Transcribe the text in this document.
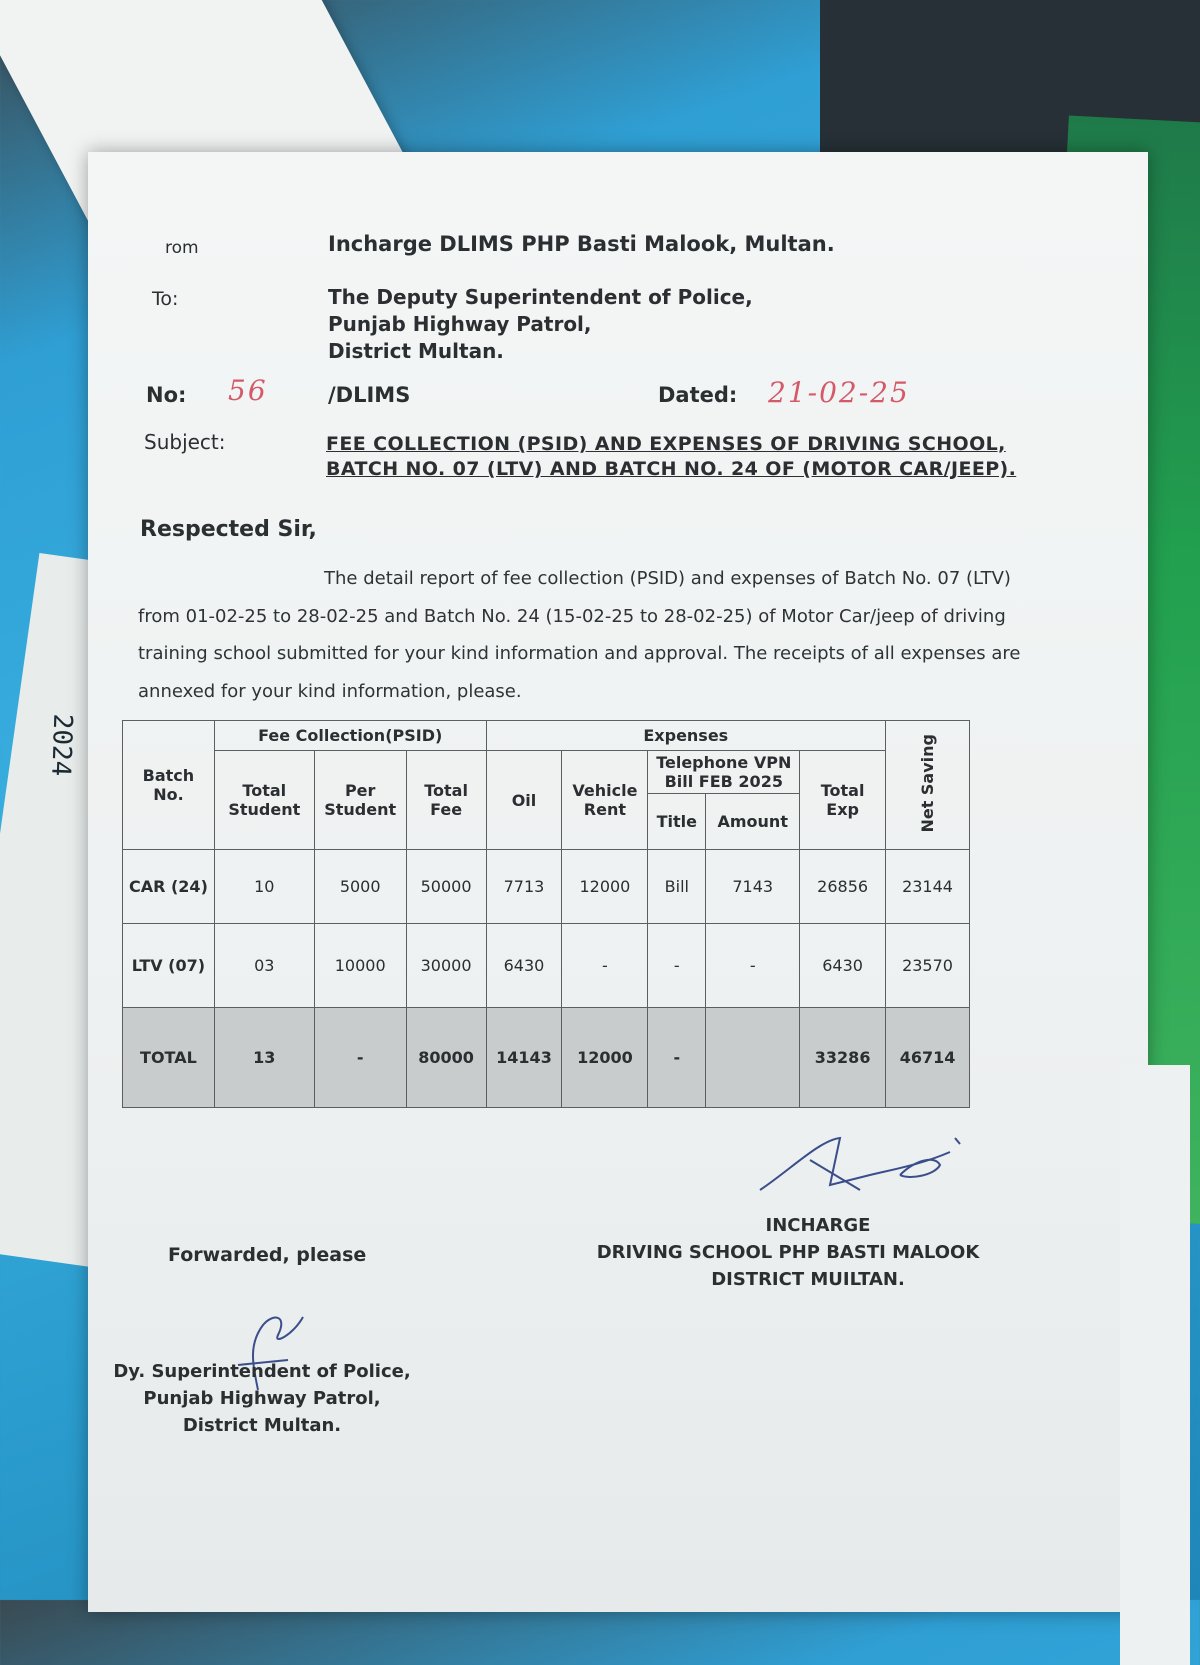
2024
rom	Incharge DLIMS PHP Basti Malook, Multan.
To:	The Deputy Superintendent of Police,
Punjab Highway Patrol,
District Multan.
No: 56	/DLIMS	Dated: 21-02-25
Subject:	FEE COLLECTION (PSID) AND EXPENSES OF DRIVING SCHOOL,
BATCH NO. 07 (LTV) AND BATCH NO. 24 OF (MOTOR CAR/JEEP).
Respected Sir,
The detail report of fee collection (PSID) and expenses of Batch No. 07 (LTV)
from 01-02-25 to 28-02-25 and Batch No. 24 (15-02-25 to 28-02-25) of Motor Car/jeep of driving
training school submitted for your kind information and approval. The receipts of all expenses are
annexed for your kind information, please.
Batch No.	Fee Collection(PSID)			Expenses					Net Saving
	Total Student	Per Student	Total Fee	Oil	Vehicle Rent	Telephone VPN Bill FEB 2025		Total Exp	
						Title	Amount		
CAR (24)	10	5000	50000	7713	12000	Bill	7143	26856	23144
LTV (07)	03	10000	30000	6430	-	-	-	6430	23570
TOTAL	13	-	80000	14143	12000	-		33286	46714
INCHARGE
DRIVING SCHOOL PHP BASTI MALOOK
DISTRICT MUILTAN.
Forwarded, please
Dy. Superintendent of Police,
Punjab Highway Patrol,
District Multan.
